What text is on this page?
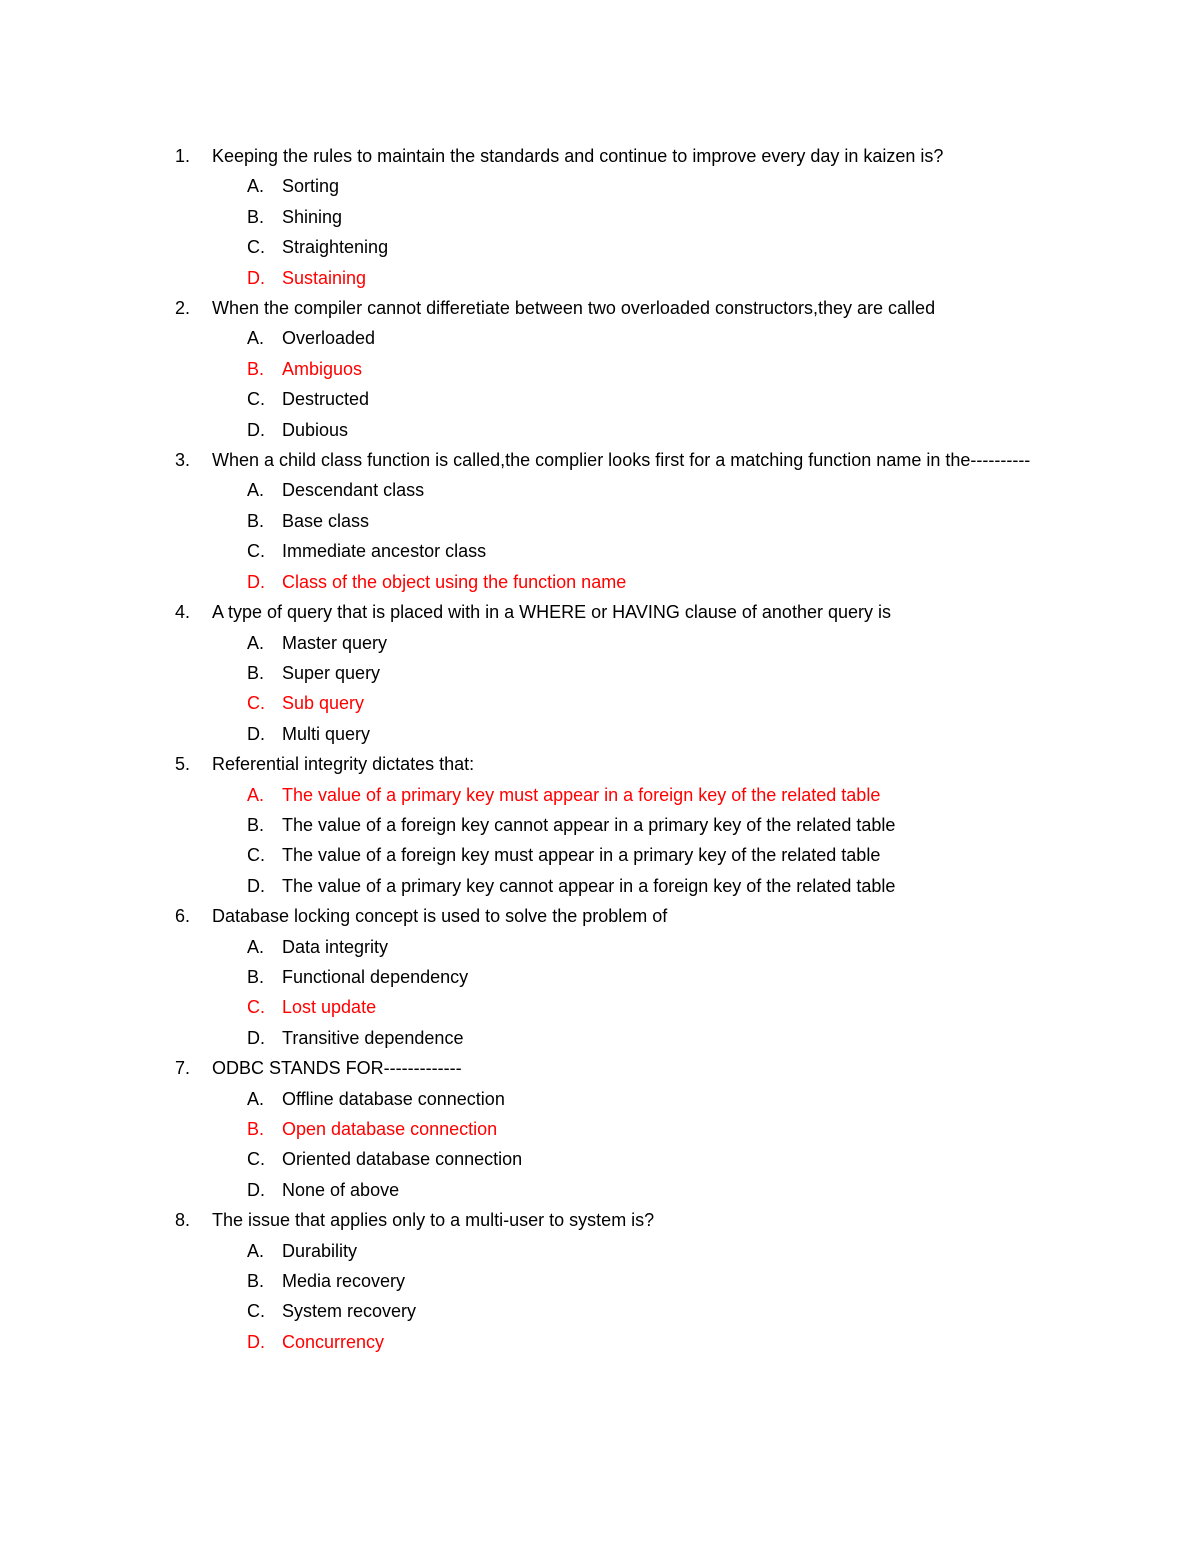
1. Keeping the rules to maintain the standards and continue to improve every day in kaizen is?
A. Sorting
B. Shining
C. Straightening
D. Sustaining
2. When the compiler cannot differetiate between two overloaded constructors,they are called
A. Overloaded
B. Ambiguos
C. Destructed
D. Dubious
3. When a child class function is called,the complier looks first for a matching function name in the----------
A. Descendant class
B. Base class
C. Immediate ancestor class
D. Class of the object using the function name
4. A type of query that is placed with in a WHERE or HAVING clause of another query is
A. Master query
B. Super query
C. Sub query
D. Multi query
5. Referential integrity dictates that:
A. The value of a primary key must appear in a foreign key of the related table
B. The value of a foreign key cannot appear in a primary key of the related table
C. The value of a foreign key must appear in a primary key of the related table
D. The value of a primary key cannot appear in a foreign key of the related table
6. Database locking concept is used to solve the problem of
A. Data integrity
B. Functional dependency
C. Lost update
D. Transitive dependence
7. ODBC STANDS FOR-------------
A. Offline database connection
B. Open database connection
C. Oriented database connection
D. None of above
8. The issue that applies only to a multi-user to system is?
A. Durability
B. Media recovery
C. System recovery
D. Concurrency
